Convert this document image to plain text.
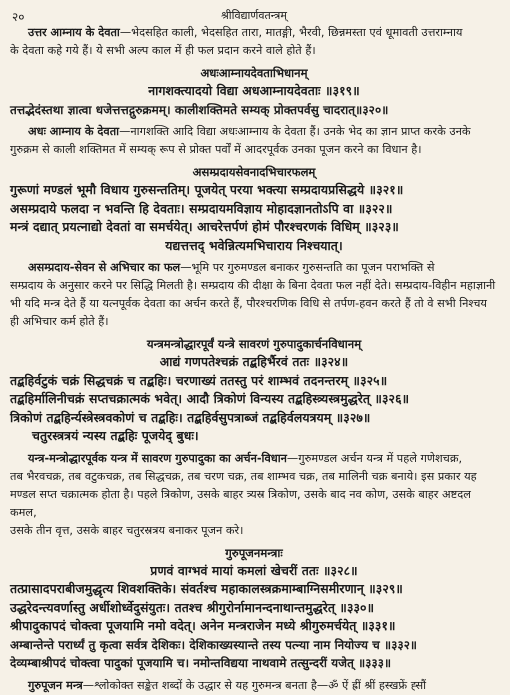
२०	श्रीविद्यार्णवतन्त्रम्

उत्तर आम्नाय के देवता—भेदसहित काली, भेदसहित तारा, मातङ्गी, भैरवी, छिन्नमस्ता एवं धूमावती उत्तराम्नाय

के देवता कहे गये हैं। ये सभी अल्प काल में ही फल प्रदान करने वाले होते हैं।

अधःआम्नायदेवताभिधानम्

नागशक्त्यादयो विद्या अधआम्नायदेवताः ॥३१९॥

तत्तद्भेदंस्तथा ज्ञात्वा धजेत्तत्तद्गुरुक्रमम्। कालीशक्तिमते सम्यक् प्रोक्तपर्वसु चादरात्॥३२०॥

अधः आम्नाय के देवता—नागशक्ति आदि विद्या अधःआम्नाय के देवता हैं। उनके भेद का ज्ञान प्राप्त करके उनके

गुरुक्रम से काली शक्तिमत में सम्यक् रूप से प्रोक्त पर्वों में आदरपूर्वक उनका पूजन करने का विधान है।

असम्प्रदायसेवनादभिचारफलम्

गुरूणां मण्डलं भूमौ विधाय गुरुसन्ततिम्। पूजयेत् परया भक्त्या सम्प्रदायप्रसिद्धये ॥३२१॥

असम्प्रदाये फलदा न भवन्ति हि देवताः। सम्प्रदायमविज्ञाय मोहादज्ञानतोऽपि वा ॥३२२॥

मन्त्रं दद्यात् प्रयत्नाद्यो देवतां वा समर्चयेत्। आचरेत्तर्पणं होमं पौरश्चरणकं विधिम् ॥३२३॥

यद्यत्तत्तद् भवेन्नित्यमभिचाराय निश्चयात्।

असम्प्रदाय-सेवन से अभिचार का फल—भूमि पर गुरुमण्डल बनाकर गुरुसन्तति का पूजन पराभक्ति से

सम्प्रदाय के अनुसार करने पर सिद्धि मिलती है। सम्प्रदाय की दीक्षा के बिना देवता फल नहीं देते। सम्प्रदाय-विहीन महाज्ञानी

भी यदि मन्त्र देते हैं या यत्नपूर्वक देवता का अर्चन करते हैं, पौरश्चरणिक विधि से तर्पण-हवन करते हैं तो वे सभी निश्चय

ही अभिचार कर्म होते हैं।

यन्त्रमन्त्रोद्धारपूर्वं यन्त्रे सावरणं गुरुपादुकार्चनविधानम्

आद्यं गणपतेश्चक्रं तद्बहिर्भैरवं ततः ॥३२४॥

तद्बहिर्वटुकं चक्रं सिद्धचक्रं च तद्बहिः। चरणाख्यं ततस्तु परं शाम्भवं तदनन्तरम् ॥३२५॥

तद्बहिर्मालिनीचक्रं सप्तचक्रात्मकं भवेत्। आदौ त्रिकोणं विन्यस्य तद्बहिस्त्र्यस्त्रमुद्धरेत् ॥३२६॥

त्रिकोणं तद्बहिर्न्यस्त्रेस्त्रवकोणं च तद्बहिः। तद्बहिर्वसुपत्राब्जं तद्बहिर्वलयत्रयम् ॥३२७॥

चतुरस्त्रत्रयं न्यस्य तद्बहिः पूजयेद् बुधः।

यन्त्र-मन्त्रोद्धारपूर्वक यन्त्र में सावरण गुरुपादुका का अर्चन-विधान—गुरुमण्डल अर्चन यन्त्र में पहले गणेशचक्र,

तब भैरवचक्र, तब वटुकचक्र, तब सिद्धचक्र, तब चरण चक्र, तब शाम्भव चक्र, तब मालिनी चक्र बनाये। इस प्रकार यह

मण्डल सप्त चक्रात्मक होता है। पहले त्रिकोण, उसके बाहर त्र्यस्र त्रिकोण, उसके बाद नव कोण, उसके बाहर अष्टदल कमल,

उसके तीन वृत्त, उसके बाहर चतुरस्रत्रय बनाकर पूजन करे।

गुरुपूजनमन्त्राः

प्रणवं वाग्भवं मायां कमलां खेचरीं ततः ॥३२८॥

तत्प्रासादपराबीजमुद्धृत्य शिवशक्तिके। संवर्तश्च महाकालस्त्रक्रमाम्बाग्निसमीरणान् ॥३२९॥

उद्धरेदन्त्यवर्णास्तु अर्धीशोर्ध्वेदुसंयुतः। ततश्च श्रीगुरोर्नामानन्दनाथान्तमुद्धरेत् ॥३३०॥

श्रीपादुकापदं चोक्त्वा पूजयामि नमो वदेत्। अनेन मन्त्रराजेन मध्ये श्रीगुरुमर्चयेत् ॥३३१॥

अम्बान्तेन्ते परार्ध्यं तु कृत्वा सर्वत्र देशिकः। देशिकाख्यस्यान्ते तस्य पत्न्या नाम नियोज्य च ॥३३२॥

देव्यम्बाश्रीपदं चोक्त्वा पादुकां पूजयामि च। नमोन्तविद्यया नाथवामे तत्सुन्दरीं यजेत् ॥३३३॥

गुरुपूजन मन्त्र—श्लोकोक्त सङ्केत शब्दों के उद्धार से यह गुरुमन्त्र बनता है—ॐ ऐं ह्रीं श्रीं हस्खफ्रें ह्सौं
